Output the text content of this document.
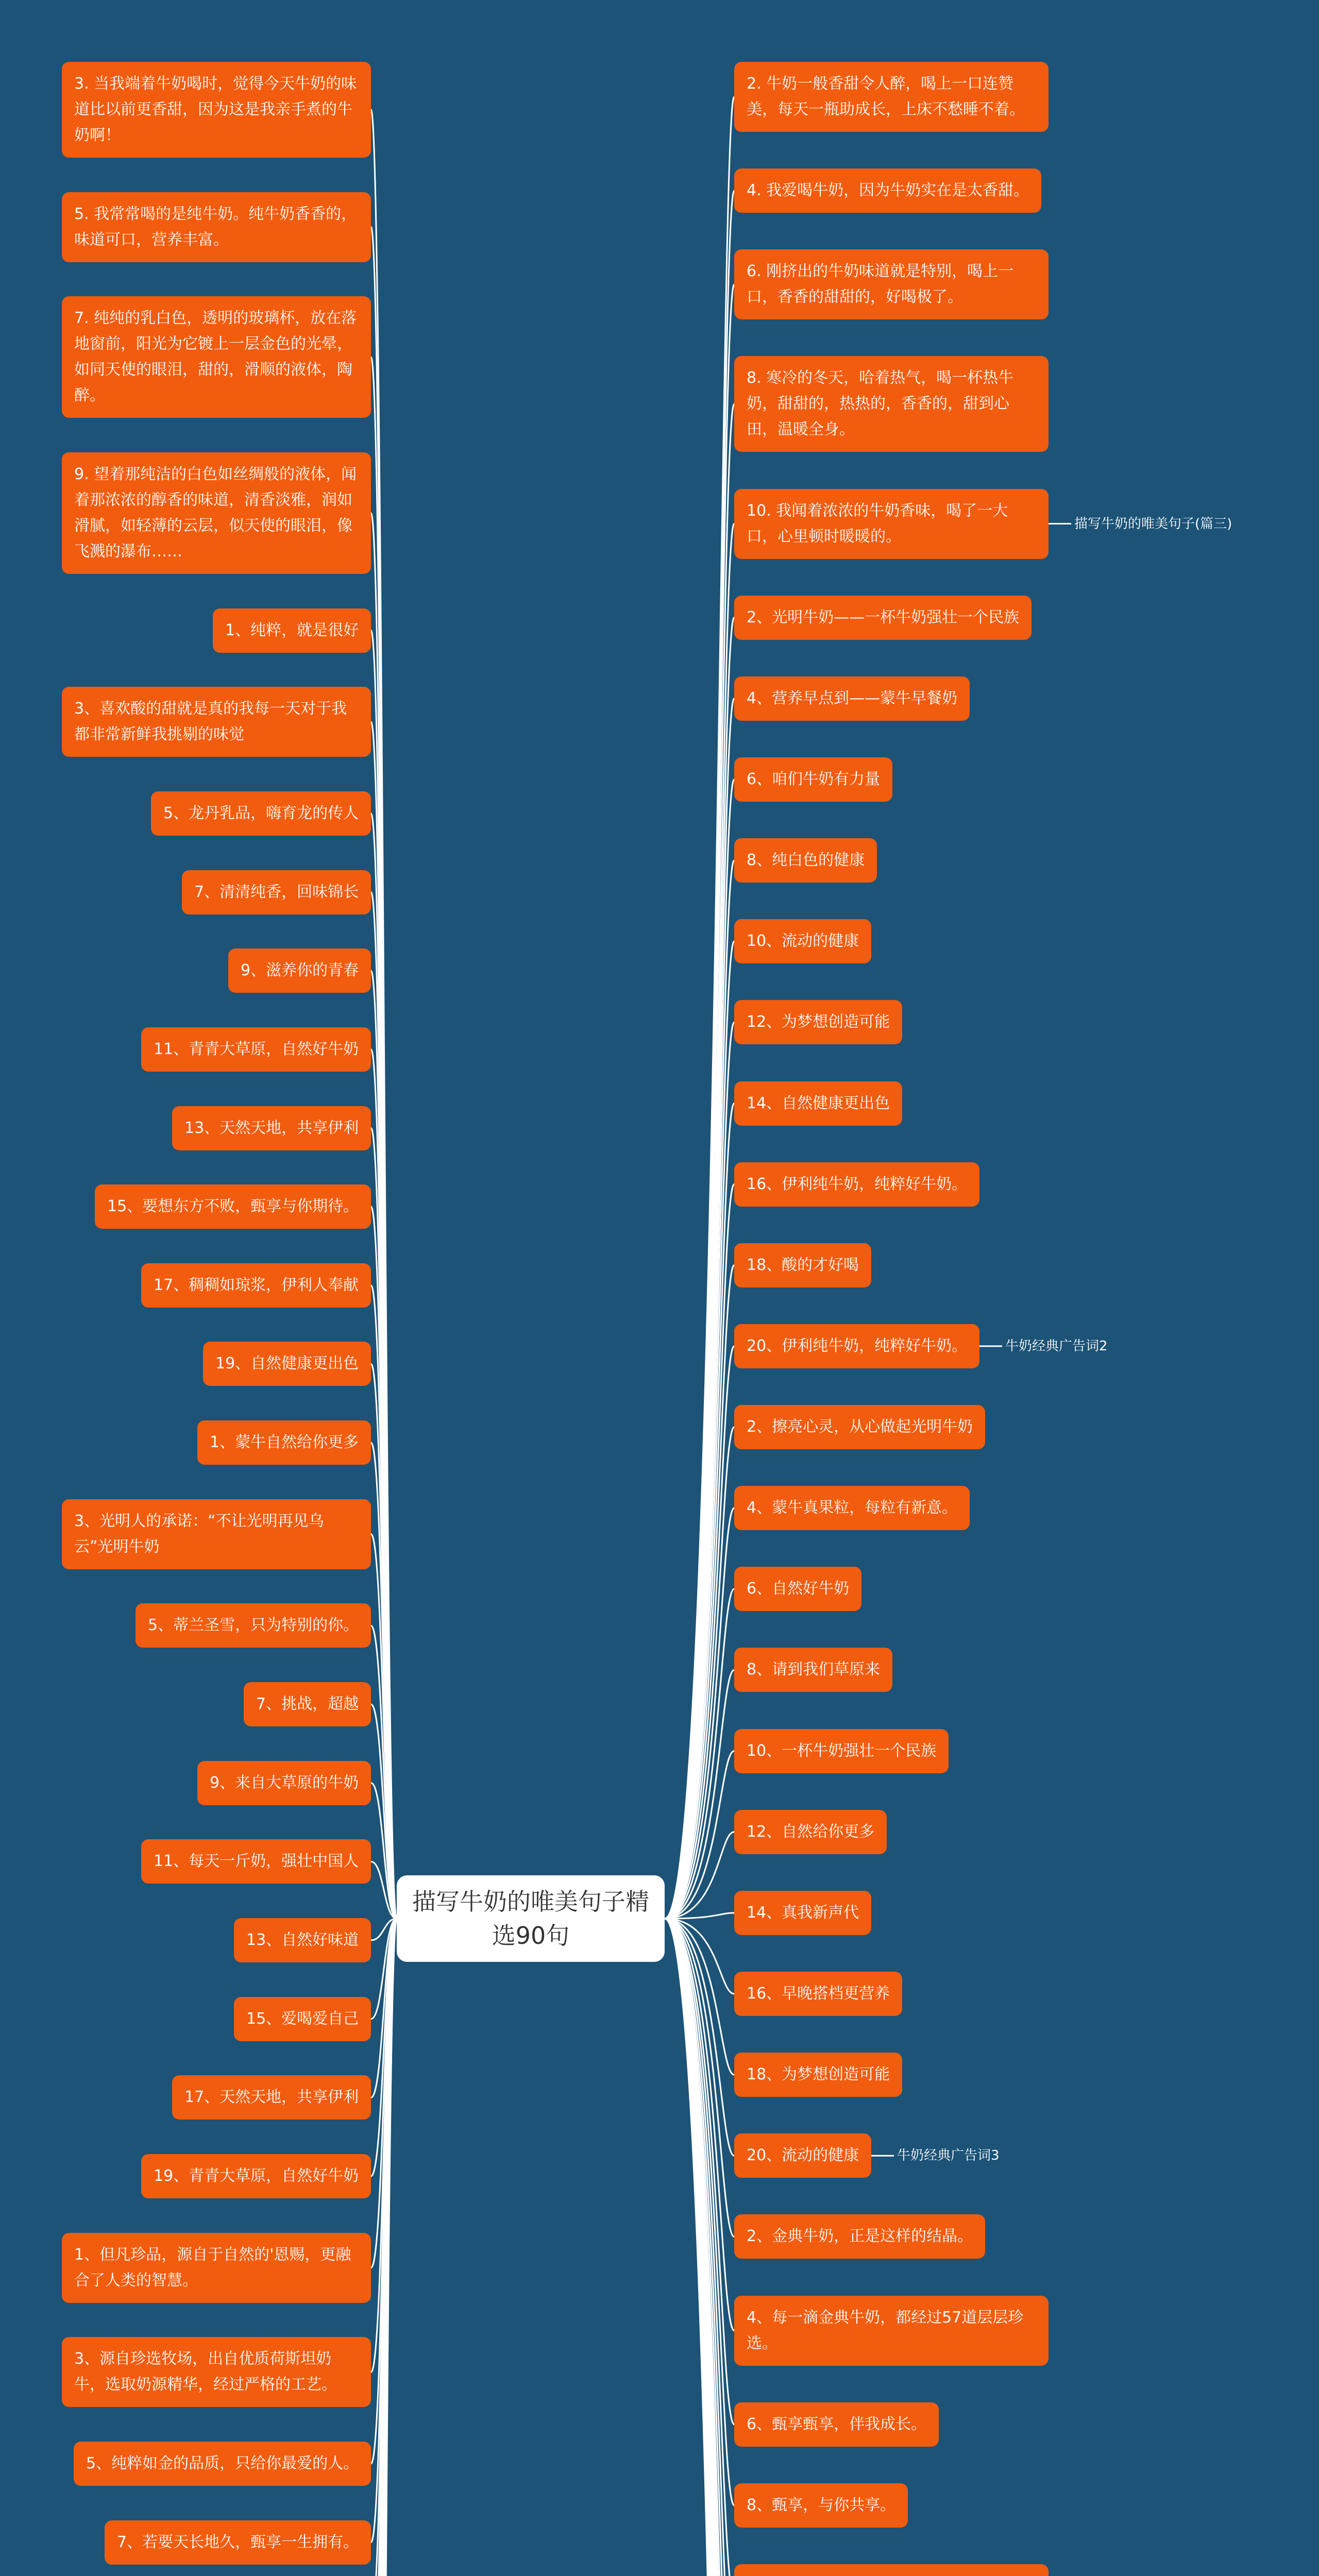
描写牛奶的唯美句子精选90句
3. 当我端着牛奶喝时，觉得今天牛奶的味道比以前更香甜，因为这是我亲手煮的牛奶啊！
5. 我常常喝的是纯牛奶。纯牛奶香香的，味道可口，营养丰富。
7. 纯纯的乳白色，透明的玻璃杯，放在落地窗前，阳光为它镀上一层金色的光晕，如同天使的眼泪，甜的，滑顺的液体，陶醉。
9. 望着那纯洁的白色如丝绸般的液体，闻着那浓浓的醇香的味道，清香淡雅，润如滑腻，如轻薄的云层，似天使的眼泪，像飞溅的瀑布……
1、纯粹，就是很好
3、喜欢酸的甜就是真的我每一天对于我都非常新鲜我挑剔的味觉
5、龙丹乳品，嗨育龙的传人
7、清清纯香，回味锦长
9、滋养你的青春
11、青青大草原，自然好牛奶
13、天然天地，共享伊利
15、要想东方不败，甄享与你期待。
17、稠稠如琼浆，伊利人奉献
19、自然健康更出色
1、蒙牛自然给你更多
3、光明人的承诺：“不让光明再见乌云”光明牛奶
5、蒂兰圣雪，只为特别的你。
7、挑战，超越
9、来自大草原的牛奶
11、每天一斤奶，强壮中国人
13、自然好味道
15、爱喝爱自己
17、天然天地，共享伊利
19、青青大草原，自然好牛奶
1、但凡珍品，源自于自然的'恩赐，更融合了人类的智慧。
3、源自珍选牧场，出自优质荷斯坦奶牛，选取奶源精华，经过严格的工艺。
5、纯粹如金的品质，只给你最爱的人。
7、若要天长地久，甄享一生拥有。
2. 牛奶一般香甜令人醉，喝上一口连赞美，每天一瓶助成长，上床不愁睡不着。
4. 我爱喝牛奶，因为牛奶实在是太香甜。
6. 刚挤出的牛奶味道就是特别，喝上一口，香香的甜甜的，好喝极了。
8. 寒冷的冬天，哈着热气，喝一杯热牛奶，甜甜的，热热的，香香的，甜到心田，温暖全身。
10. 我闻着浓浓的牛奶香味，喝了一大口，心里顿时暖暖的。
2、光明牛奶——一杯牛奶强壮一个民族
4、营养早点到——蒙牛早餐奶
6、咱们牛奶有力量
8、纯白色的健康
10、流动的健康
12、为梦想创造可能
14、自然健康更出色
16、伊利纯牛奶，纯粹好牛奶。
18、酸的才好喝
20、伊利纯牛奶，纯粹好牛奶。
2、擦亮心灵，从心做起光明牛奶
4、蒙牛真果粒，每粒有新意。
6、自然好牛奶
8、请到我们草原来
10、一杯牛奶强壮一个民族
12、自然给你更多
14、真我新声代
16、早晚搭档更营养
18、为梦想创造可能
20、流动的健康
2、金典牛奶，正是这样的结晶。
4、每一滴金典牛奶，都经过57道层层珍选。
6、甄享甄享，伴我成长。
8、甄享，与你共享。
描写牛奶的唯美句子(篇三)
牛奶经典广告词2
牛奶经典广告词3
